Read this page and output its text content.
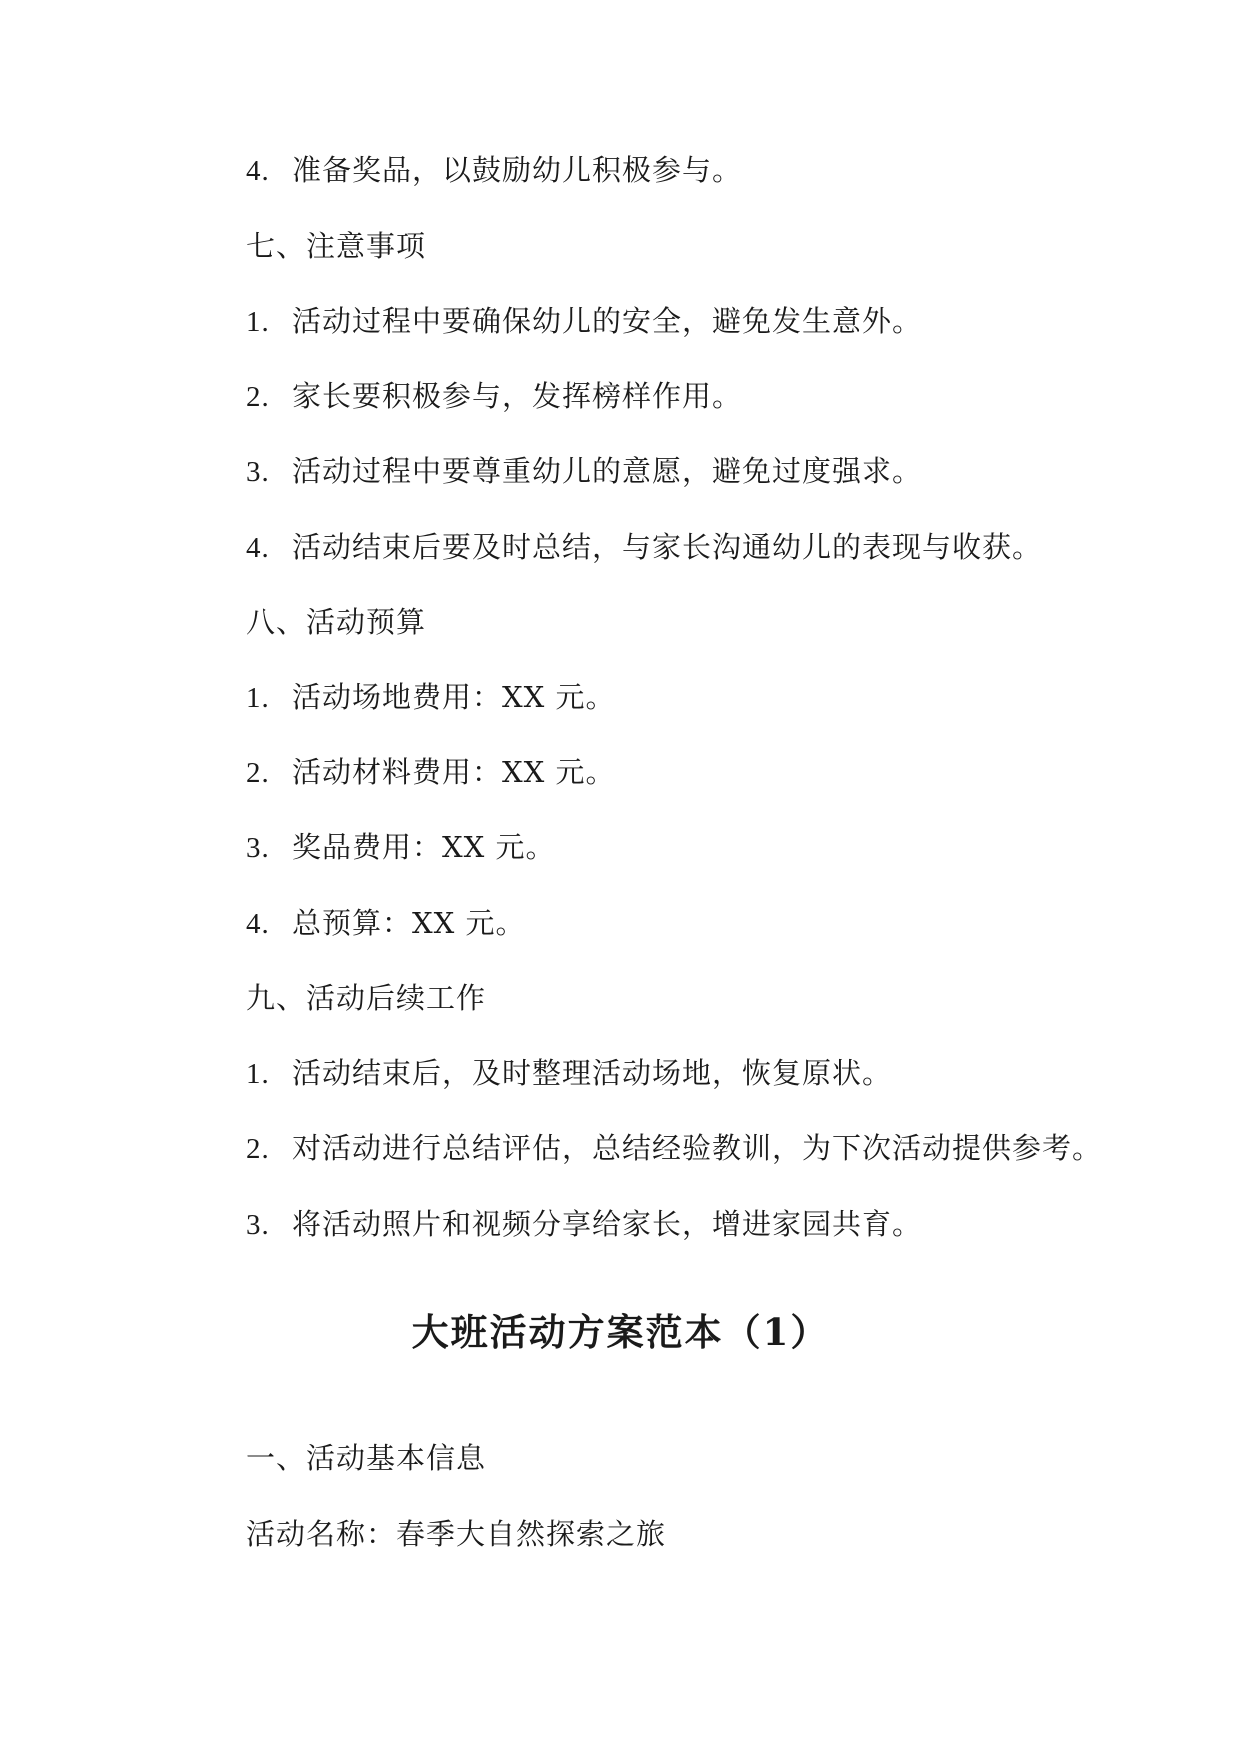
4. 准备奖品，以鼓励幼儿积极参与。
七、注意事项
1. 活动过程中要确保幼儿的安全，避免发生意外。
2. 家长要积极参与，发挥榜样作用。
3. 活动过程中要尊重幼儿的意愿，避免过度强求。
4. 活动结束后要及时总结，与家长沟通幼儿的表现与收获。
八、活动预算
1. 活动场地费用：XX 元。
2. 活动材料费用：XX 元。
3. 奖品费用：XX 元。
4. 总预算：XX 元。
九、活动后续工作
1. 活动结束后，及时整理活动场地，恢复原状。
2. 对活动进行总结评估，总结经验教训，为下次活动提供参考。
3. 将活动照片和视频分享给家长，增进家园共育。
大班活动方案范本（1）
一、活动基本信息
活动名称：春季大自然探索之旅
